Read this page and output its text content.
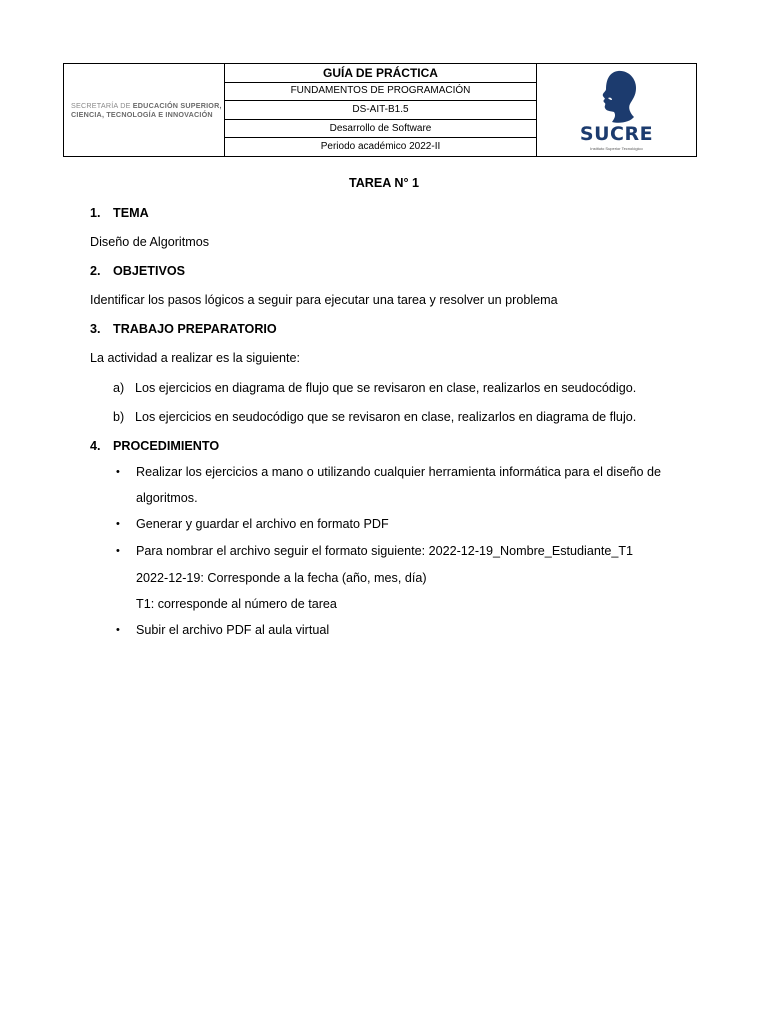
SECRETARÍA DE EDUCACIÓN SUPERIOR,
CIENCIA, TECNOLOGÍA E INNOVACIÓN

GUÍA DE PRÁCTICA
FUNDAMENTOS DE PROGRAMACIÓN
DS-AIT-B1.5
Desarrollo de Software
Periodo académico 2022-II

SUCRE
Instituto Superior Tecnológico
TAREA N° 1
1. TEMA
Diseño de Algoritmos
2. OBJETIVOS
Identificar los pasos lógicos a seguir para ejecutar una tarea y resolver un problema
3. TRABAJO PREPARATORIO
La actividad a realizar es la siguiente:
a) Los ejercicios en diagrama de flujo que se revisaron en clase, realizarlos en seudocódigo.
b) Los ejercicios en seudocódigo que se revisaron en clase, realizarlos en diagrama de flujo.
4. PROCEDIMIENTO
• Realizar los ejercicios a mano o utilizando cualquier herramienta informática para el diseño de
algoritmos.
• Generar y guardar el archivo en formato PDF
• Para nombrar el archivo seguir el formato siguiente: 2022-12-19_Nombre_Estudiante_T1
2022-12-19: Corresponde a la fecha (año, mes, día)
T1: corresponde al número de tarea
• Subir el archivo PDF al aula virtual
